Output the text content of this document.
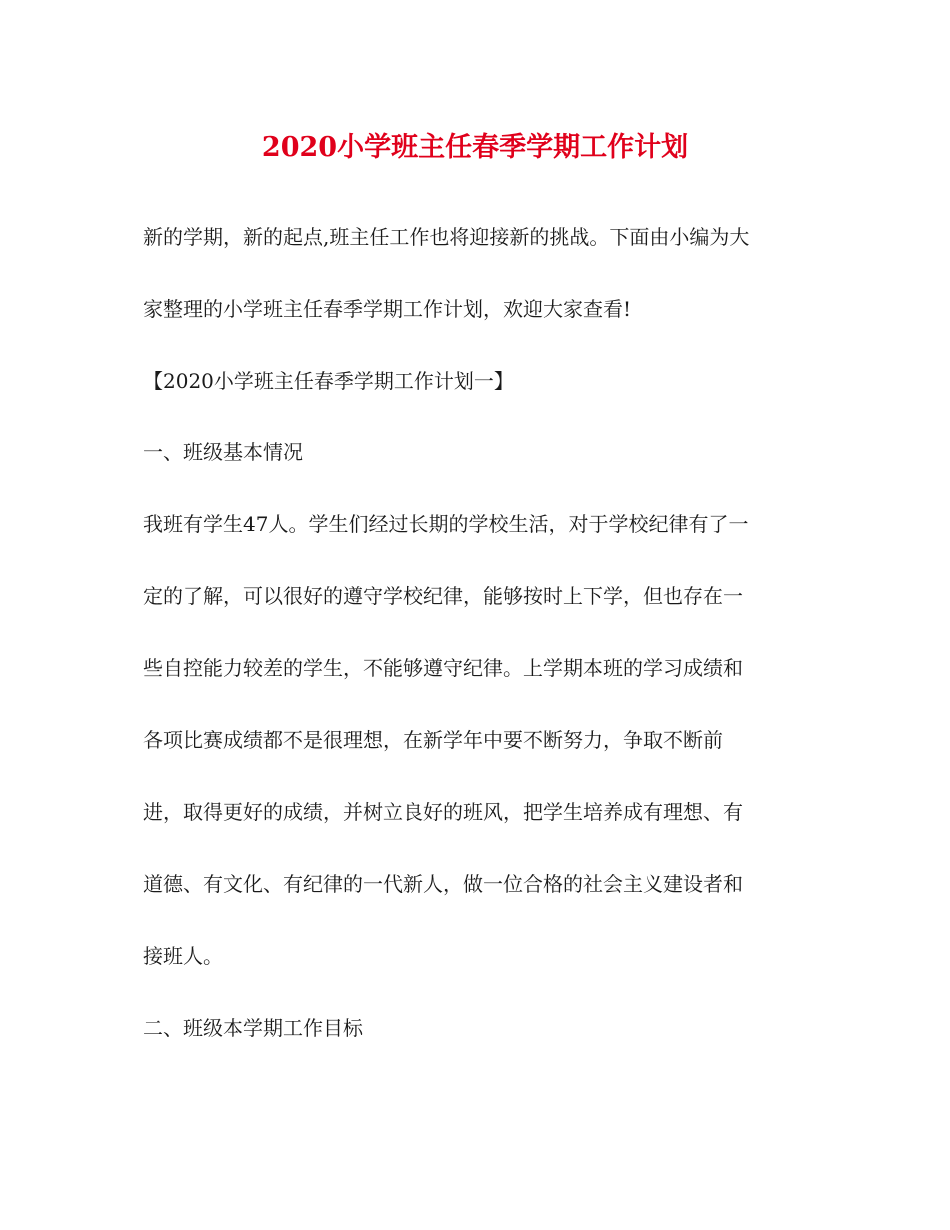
2020小学班主任春季学期工作计划
新的学期，新的起点,班主任工作也将迎接新的挑战。下面由小编为大
家整理的小学班主任春季学期工作计划，欢迎大家查看!
【2020小学班主任春季学期工作计划一】
一、班级基本情况
我班有学生47人。学生们经过长期的学校生活，对于学校纪律有了一
定的了解，可以很好的遵守学校纪律，能够按时上下学，但也存在一
些自控能力较差的学生，不能够遵守纪律。上学期本班的学习成绩和
各项比赛成绩都不是很理想，在新学年中要不断努力，争取不断前
进，取得更好的成绩，并树立良好的班风，把学生培养成有理想、有
道德、有文化、有纪律的一代新人，做一位合格的社会主义建设者和
接班人。
二、班级本学期工作目标
